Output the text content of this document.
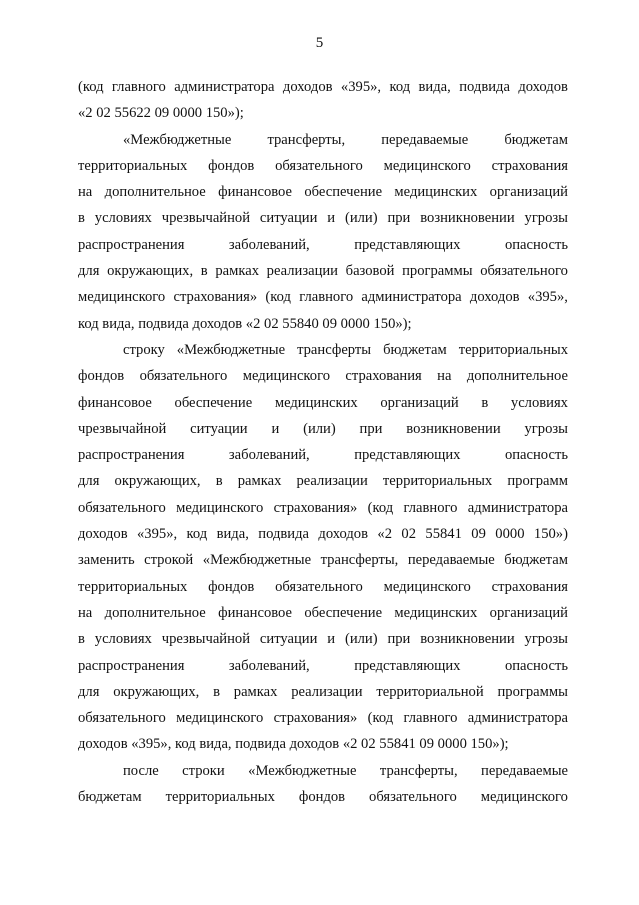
5
(код главного администратора доходов «395», код вида, подвида доходов
«2 02 55622 09 0000 150»);
«Межбюджетные трансферты, передаваемые бюджетам
территориальных фондов обязательного медицинского страхования
на дополнительное финансовое обеспечение медицинских организаций
в условиях чрезвычайной ситуации и (или) при возникновении угрозы
распространения	заболеваний,	представляющих	опасность
для окружающих, в рамках реализации базовой программы обязательного
медицинского страхования» (код главного администратора доходов «395»,
код вида, подвида доходов «2 02 55840 09 0000 150»);
строку «Межбюджетные трансферты бюджетам территориальных
фондов обязательного медицинского страхования на дополнительное
финансовое обеспечение медицинских организаций в условиях
чрезвычайной ситуации и (или) при возникновении угрозы
распространения	заболеваний,	представляющих	опасность
для окружающих, в рамках реализации территориальных программ
обязательного медицинского страхования» (код главного администратора
доходов «395», код вида, подвида доходов «2 02 55841 09 0000 150»)
заменить строкой «Межбюджетные трансферты, передаваемые бюджетам
территориальных фондов обязательного медицинского страхования
на дополнительное финансовое обеспечение медицинских организаций
в условиях чрезвычайной ситуации и (или) при возникновении угрозы
распространения	заболеваний,	представляющих	опасность
для окружающих, в рамках реализации территориальной программы
обязательного медицинского страхования» (код главного администратора
доходов «395», код вида, подвида доходов «2 02 55841 09 0000 150»);
после строки «Межбюджетные трансферты, передаваемые
бюджетам территориальных фондов обязательного медицинского
